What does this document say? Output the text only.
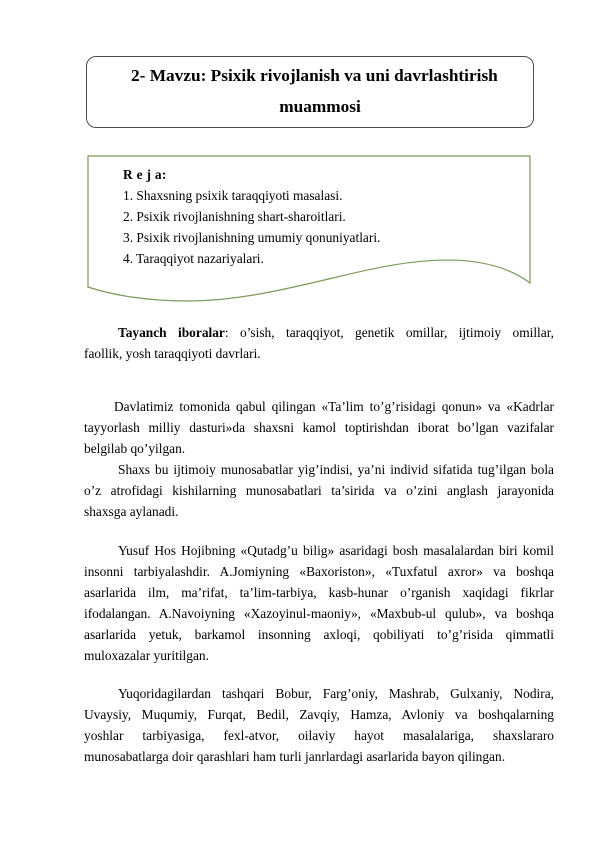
2- Mavzu: Psixik rivojlanish va uni davrlashtirish
muammosi
R e j a:
1. Shaxsning psixik taraqqiyoti masalasi.
2. Psixik rivojlanishning shart-sharoitlari.
3. Psixik rivojlanishning umumiy qonuniyatlari.
4. Taraqqiyot nazariyalari.
Tayanch iboralar: o’sish, taraqqiyot, genetik omillar, ijtimoiy omillar,
faollik, yosh taraqqiyoti davrlari.
Davlatimiz tomonida qabul qilingan «Ta’lim to’g’risidagi qonun» va «Kadrlar
tayyorlash milliy dasturi»da shaxsni kamol toptirishdan iborat bo’lgan vazifalar
belgilab qo’yilgan.
Shaxs bu ijtimoiy munosabatlar yig’indisi, ya’ni individ sifatida tug’ilgan bola
o’z atrofidagi kishilarning munosabatlari ta’sirida va o’zini anglash jarayonida
shaxsga aylanadi.
Yusuf Hos Hojibning «Qutadg’u bilig» asaridagi bosh masalalardan biri komil
insonni tarbiyalashdir. A.Jomiyning «Baxoriston», «Tuxfatul axror» va boshqa
asarlarida ilm, ma’rifat, ta’lim-tarbiya, kasb-hunar o’rganish xaqidagi fikrlar
ifodalangan. A.Navoiyning «Xazoyinul-maoniy», «Maxbub-ul qulub», va boshqa
asarlarida yetuk, barkamol insonning axloqi, qobiliyati to’g’risida qimmatli
muloxazalar yuritilgan.
Yuqoridagilardan tashqari Bobur, Farg’oniy, Mashrab, Gulxaniy, Nodira,
Uvaysiy, Muqumiy, Furqat, Bedil, Zavqiy, Hamza, Avloniy va boshqalarning
yoshlar tarbiyasiga, fexl-atvor, oilaviy hayot masalalariga, shaxslararo
munosabatlarga doir qarashlari ham turli janrlardagi asarlarida bayon qilingan.
